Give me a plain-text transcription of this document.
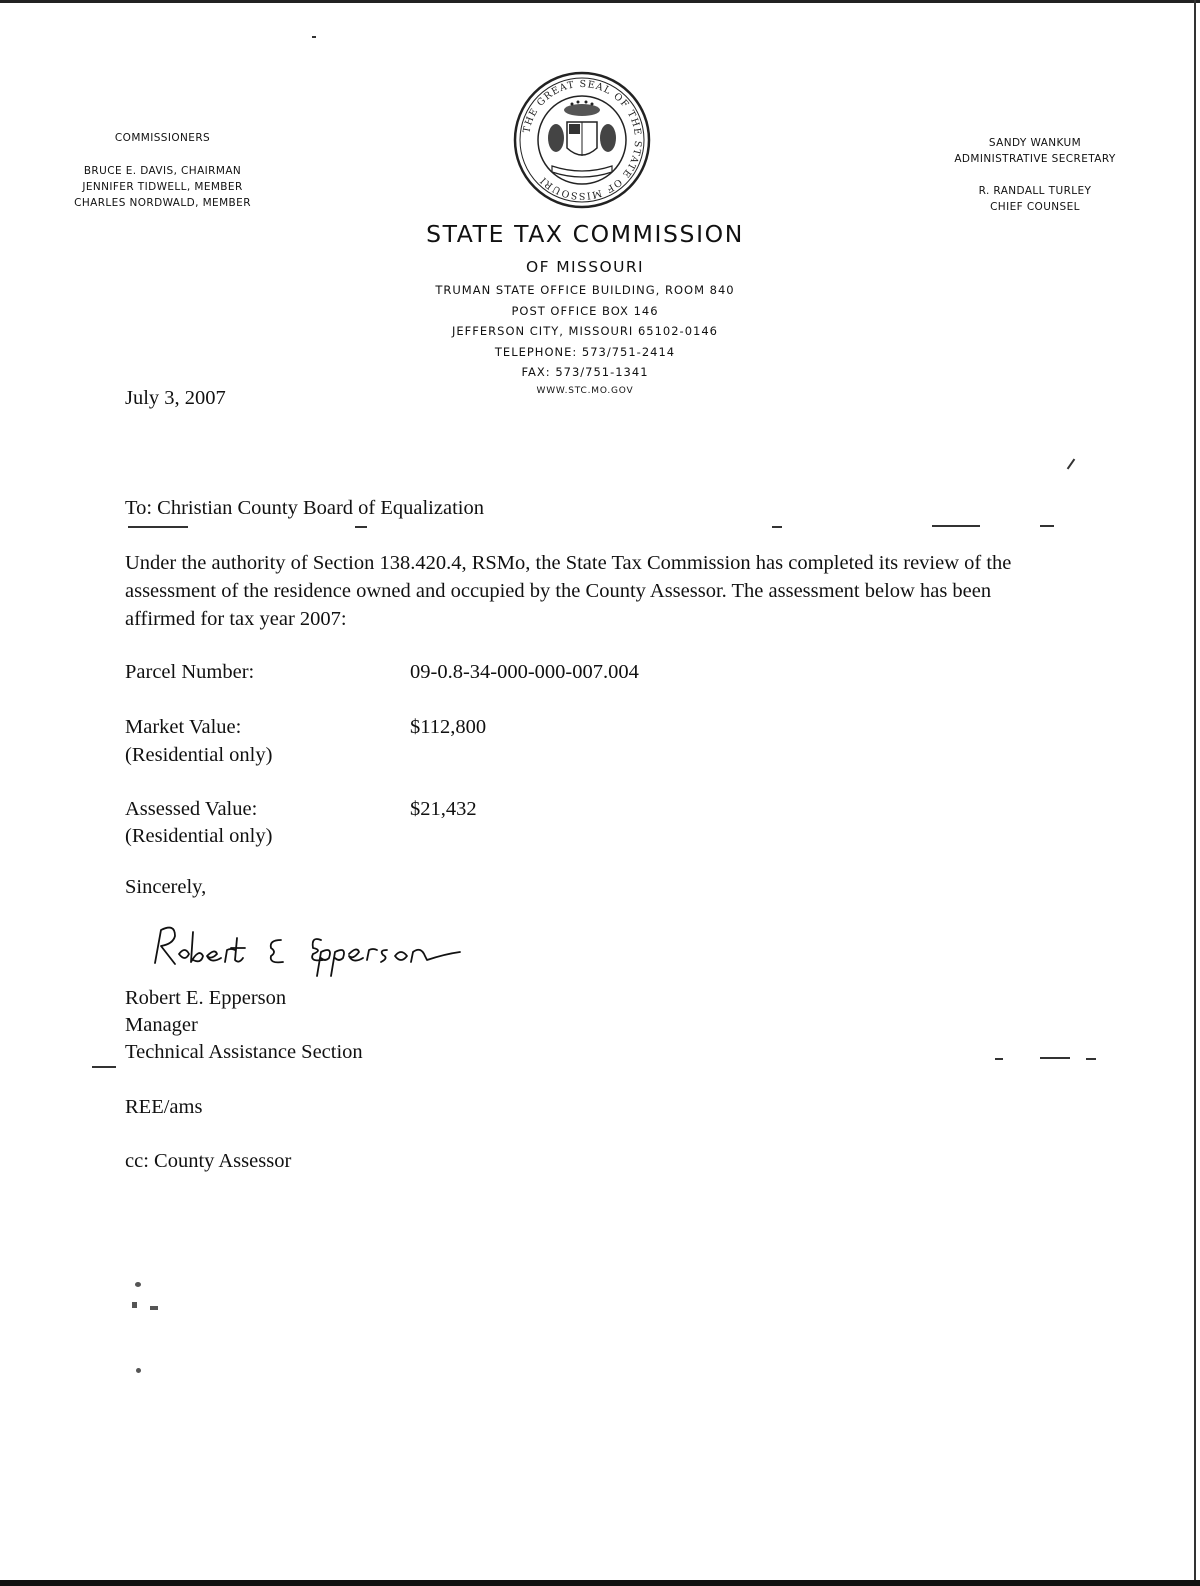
COMMISSIONERS
BRUCE E. DAVIS, CHAIRMAN
JENNIFER TIDWELL, MEMBER
CHARLES NORDWALD, MEMBER
THE GREAT SEAL OF THE STATE OF MISSOURI
SANDY WANKUM
ADMINISTRATIVE SECRETARY
R. RANDALL TURLEY
CHIEF COUNSEL
STATE TAX COMMISSION
OF MISSOURI
TRUMAN STATE OFFICE BUILDING, ROOM 840
POST OFFICE BOX 146
JEFFERSON CITY, MISSOURI 65102-0146
TELEPHONE: 573/751-2414
FAX: 573/751-1341
WWW.STC.MO.GOV
July 3, 2007
To: Christian County Board of Equalization
Under the authority of Section 138.420.4, RSMo, the State Tax Commission has completed its review of the assessment of the residence owned and occupied by the County Assessor. The assessment below has been affirmed for tax year 2007:
Parcel Number:	09-0.8-34-000-000-007.004
Market Value:
(Residential only)
$112,800
Assessed Value:
(Residential only)
$21,432
Sincerely,
Robert E. Epperson
Manager
Technical Assistance Section
REE/ams
cc: County Assessor
